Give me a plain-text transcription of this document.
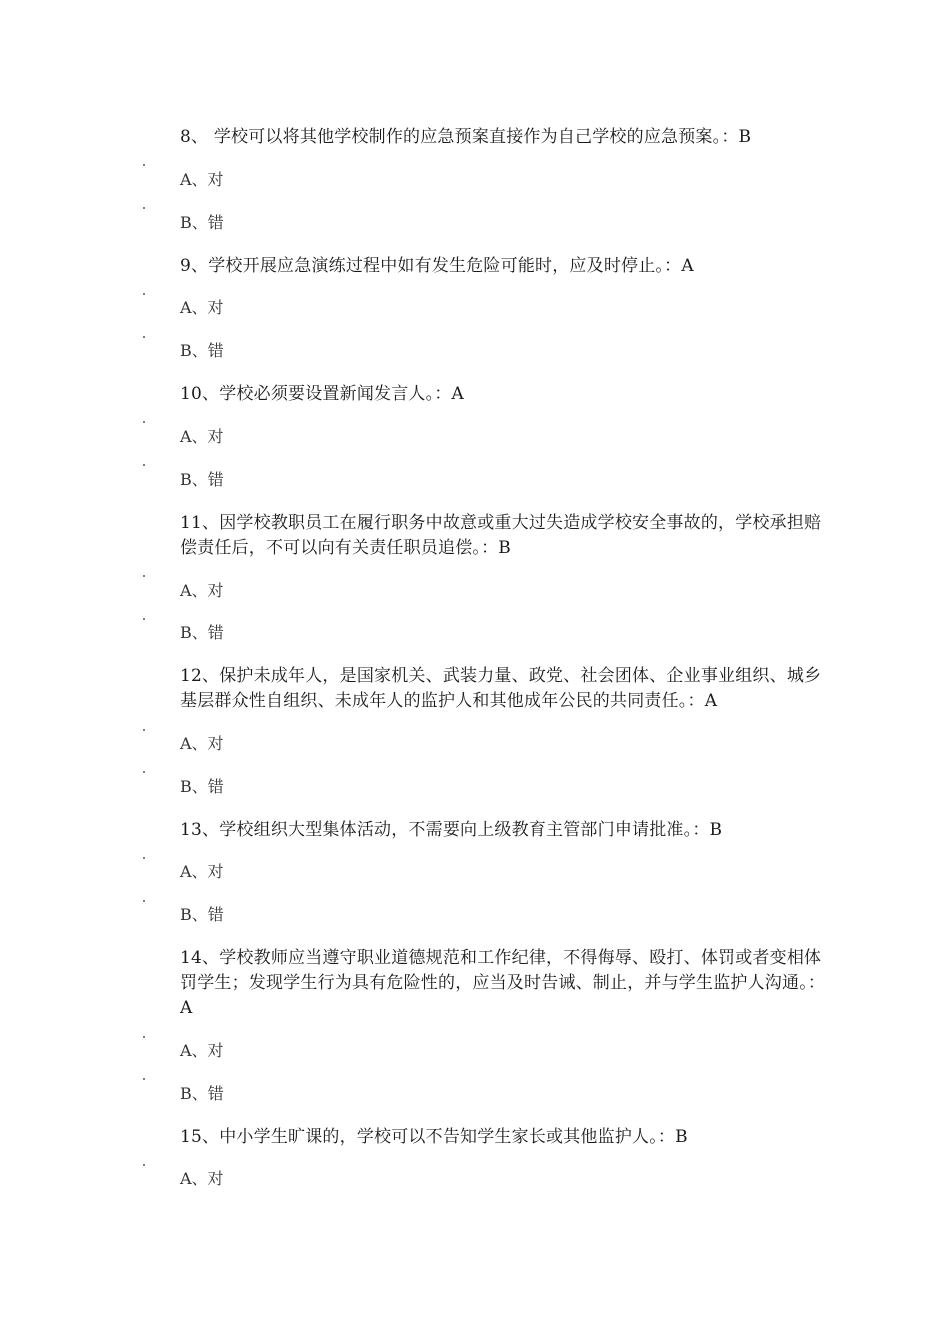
8、 学校可以将其他学校制作的应急预案直接作为自己学校的应急预案。：B
A、对
B、错
9、学校开展应急演练过程中如有发生危险可能时，应及时停止。：A
A、对
B、错
10、学校必须要设置新闻发言人。：A
A、对
B、错
11、因学校教职员工在履行职务中故意或重大过失造成学校安全事故的，学校承担赔偿责任后，不可以向有关责任职员追偿。：B
A、对
B、错
12、保护未成年人，是国家机关、武装力量、政党、社会团体、企业事业组织、城乡基层群众性自组织、未成年人的监护人和其他成年公民的共同责任。：A
A、对
B、错
13、学校组织大型集体活动，不需要向上级教育主管部门申请批准。：B
A、对
B、错
14、学校教师应当遵守职业道德规范和工作纪律，不得侮辱、殴打、体罚或者变相体罚学生；发现学生行为具有危险性的，应当及时告诫、制止，并与学生监护人沟通。：A
A、对
B、错
15、中小学生旷课的，学校可以不告知学生家长或其他监护人。：B
A、对
